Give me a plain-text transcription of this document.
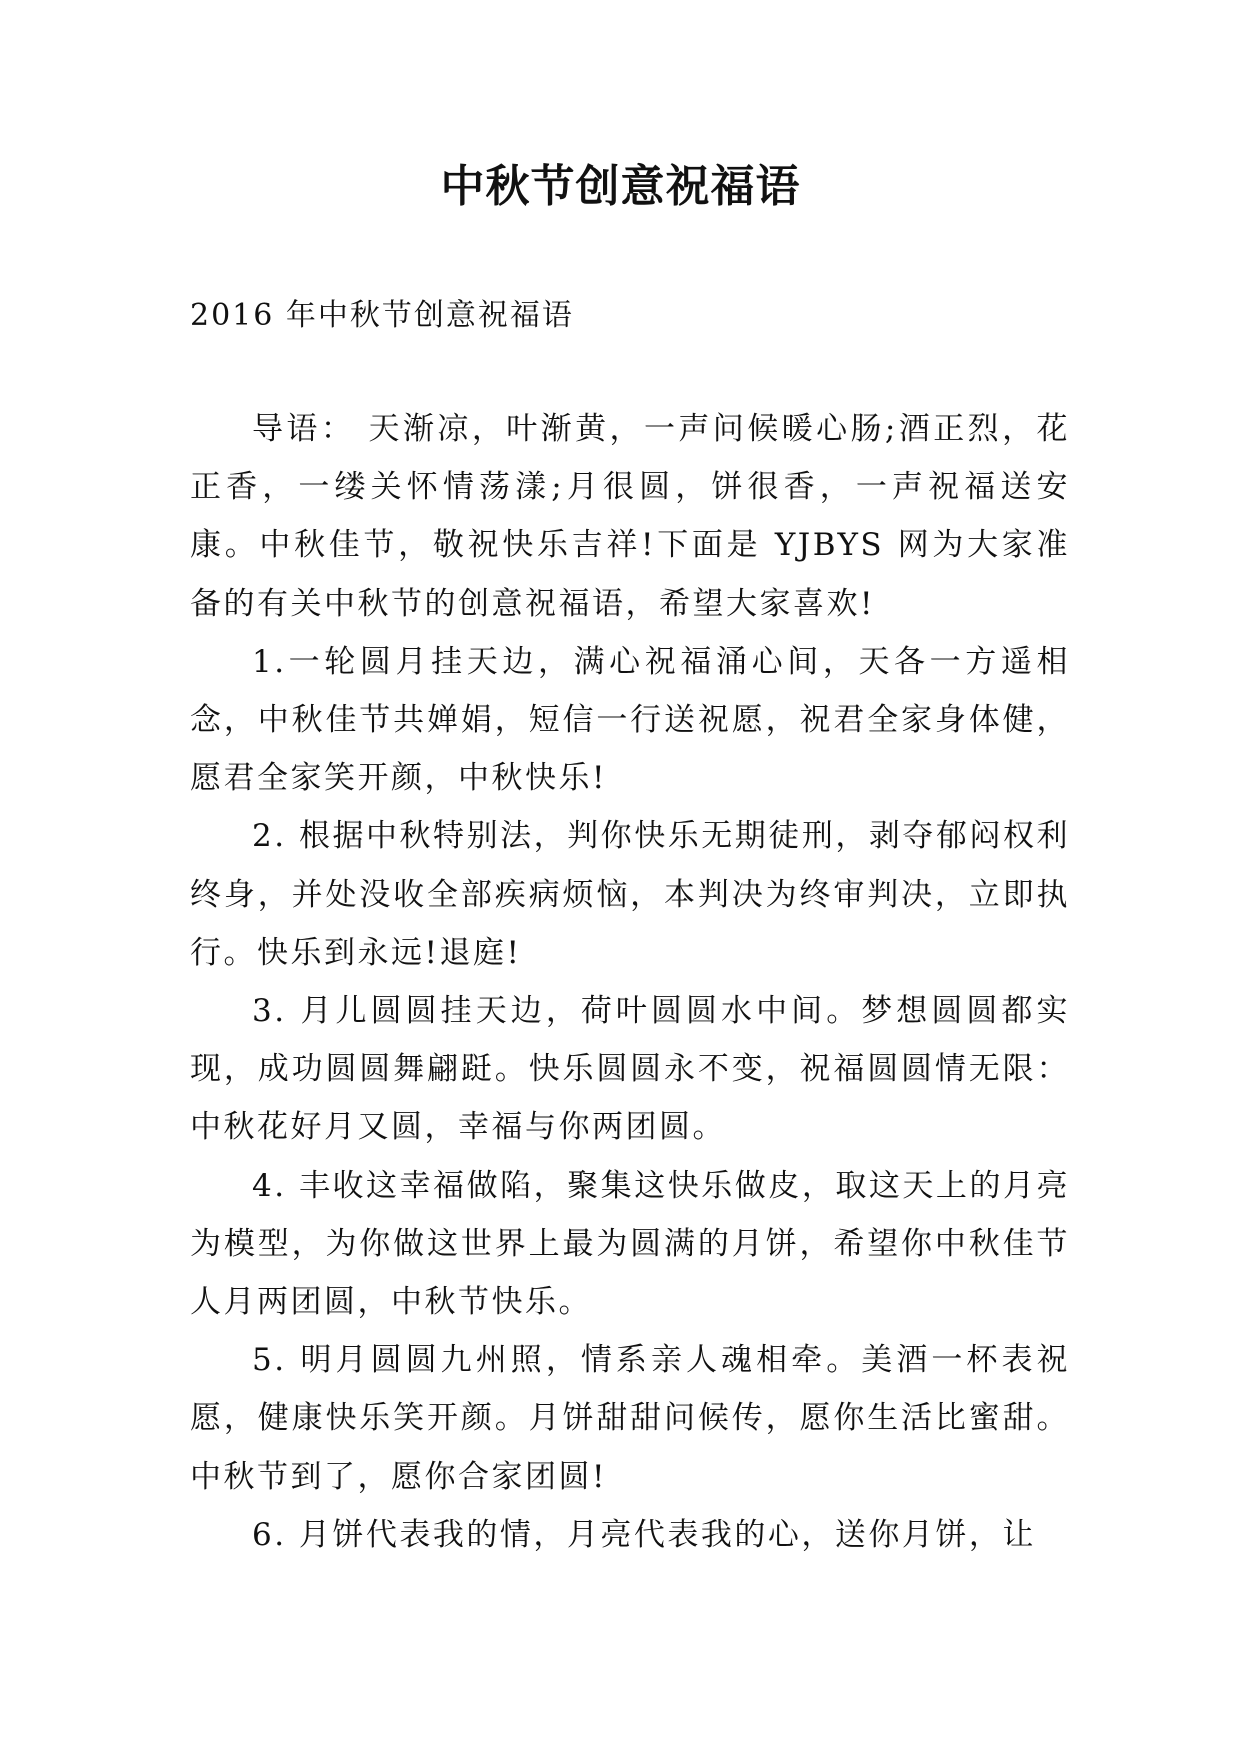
中秋节创意祝福语
2016 年中秋节创意祝福语

导语： 天渐凉，叶渐黄，一声问候暖心肠;酒正烈，花正香，一缕关怀情荡漾;月很圆，饼很香，一声祝福送安康。中秋佳节，敬祝快乐吉祥!下面是 YJBYS 网为大家准备的有关中秋节的创意祝福语，希望大家喜欢!

1.一轮圆月挂天边，满心祝福涌心间，天各一方遥相念，中秋佳节共婵娟，短信一行送祝愿，祝君全家身体健，愿君全家笑开颜，中秋快乐!

2. 根据中秋特别法，判你快乐无期徒刑，剥夺郁闷权利终身，并处没收全部疾病烦恼，本判决为终审判决，立即执行。快乐到永远!退庭!

3. 月儿圆圆挂天边，荷叶圆圆水中间。梦想圆圆都实现，成功圆圆舞翩跹。快乐圆圆永不变，祝福圆圆情无限：中秋花好月又圆，幸福与你两团圆。

4. 丰收这幸福做陷，聚集这快乐做皮，取这天上的月亮为模型，为你做这世界上最为圆满的月饼，希望你中秋佳节人月两团圆，中秋节快乐。

5. 明月圆圆九州照，情系亲人魂相牵。美酒一杯表祝愿，健康快乐笑开颜。月饼甜甜问候传，愿你生活比蜜甜。中秋节到了，愿你合家团圆!

6. 月饼代表我的情，月亮代表我的心，送你月饼，让
